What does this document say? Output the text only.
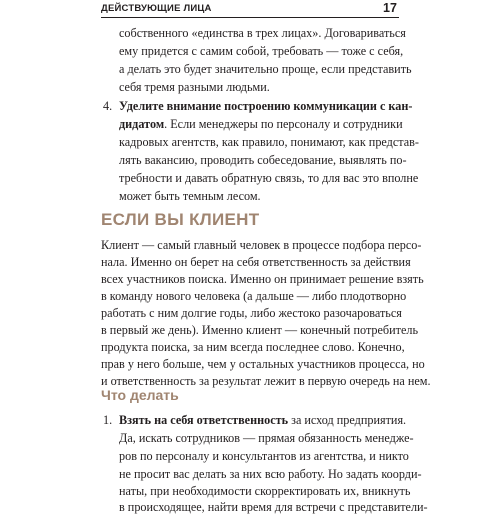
ДЕЙСТВУЮЩИЕ ЛИЦА	17
собственного «единства в трех лицах». Договариваться
ему придется с самим собой, требовать — тоже с себя,
а делать это будет значительно проще, если представить
себя тремя разными людьми.
4. Уделите внимание построению коммуникации с кан-
дидатом. Если менеджеры по персоналу и сотрудники
кадровых агентств, как правило, понимают, как представ-
лять вакансию, проводить собеседование, выявлять по-
требности и давать обратную связь, то для вас это вполне
может быть темным лесом.
ЕСЛИ ВЫ КЛИЕНТ
Клиент — самый главный человек в процессе подбора персо-
нала. Именно он берет на себя ответственность за действия
всех участников поиска. Именно он принимает решение взять
в команду нового человека (а дальше — либо плодотворно
работать с ним долгие годы, либо жестоко разочароваться
в первый же день). Именно клиент — конечный потребитель
продукта поиска, за ним всегда последнее слово. Конечно,
прав у него больше, чем у остальных участников процесса, но
и ответственность за результат лежит в первую очередь на нем.
Что делать
1. Взять на себя ответственность за исход предприятия.
Да, искать сотрудников — прямая обязанность менедже-
ров по персоналу и консультантов из агентства, и никто
не просит вас делать за них всю работу. Но задать коорди-
наты, при необходимости скорректировать их, вникнуть
в происходящее, найти время для встречи с представители-
